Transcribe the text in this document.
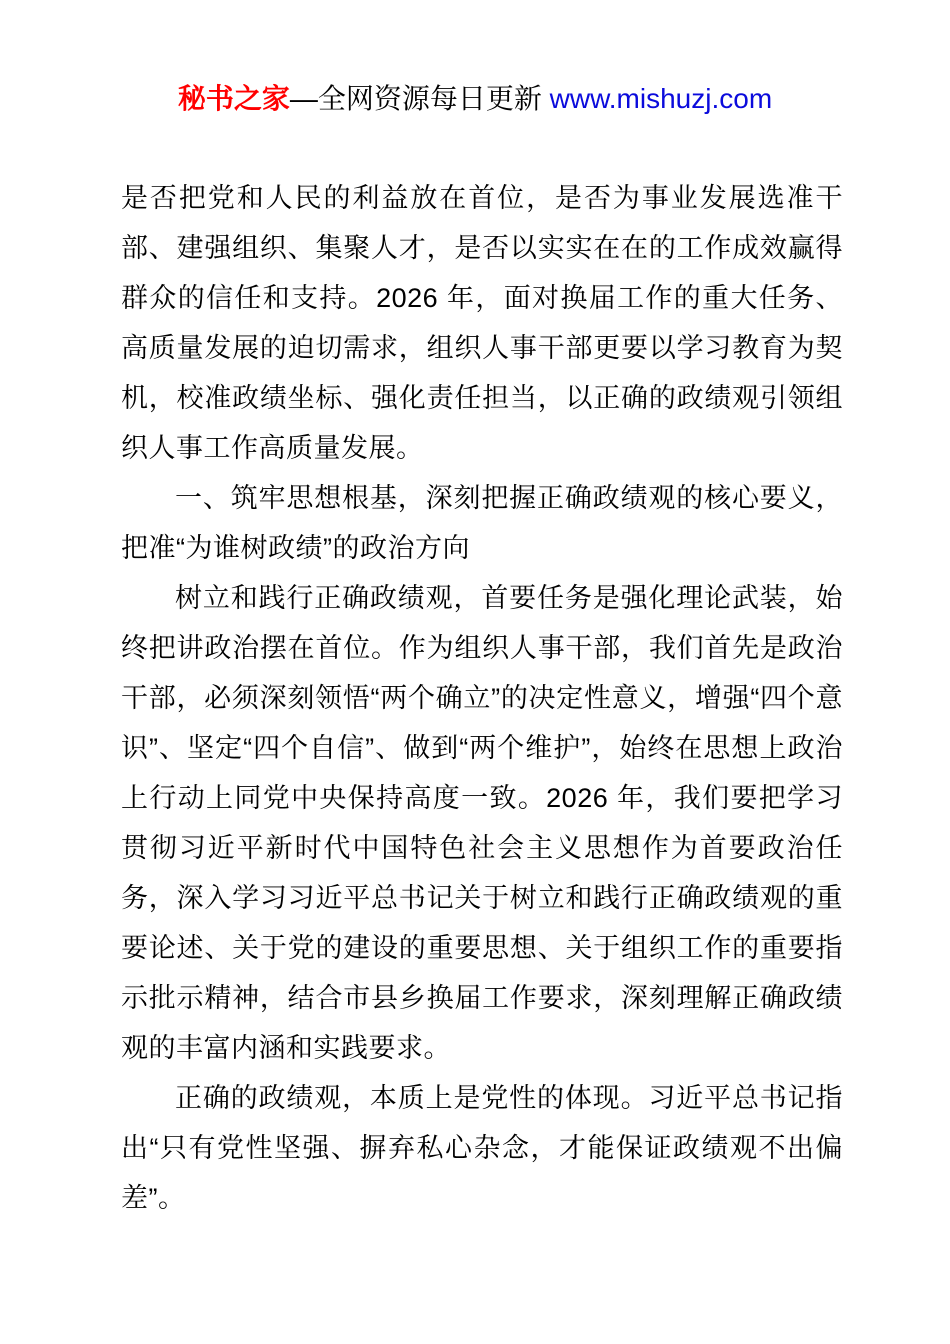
秘书之家—全网资源每日更新 www.mishuzj.com

是否把党和人民的利益放在首位，是否为事业发展选准干部、建强组织、集聚人才，是否以实实在在的工作成效赢得群众的信任和支持。2026 年，面对换届工作的重大任务、高质量发展的迫切需求，组织人事干部更要以学习教育为契机，校准政绩坐标、强化责任担当，以正确的政绩观引领组织人事工作高质量发展。

一、筑牢思想根基，深刻把握正确政绩观的核心要义，把准“为谁树政绩”的政治方向

树立和践行正确政绩观，首要任务是强化理论武装，始终把讲政治摆在首位。作为组织人事干部，我们首先是政治干部，必须深刻领悟“两个确立”的决定性意义，增强“四个意识”、坚定“四个自信”、做到“两个维护”，始终在思想上政治上行动上同党中央保持高度一致。2026 年，我们要把学习贯彻习近平新时代中国特色社会主义思想作为首要政治任务，深入学习习近平总书记关于树立和践行正确政绩观的重要论述、关于党的建设的重要思想、关于组织工作的重要指示批示精神，结合市县乡换届工作要求，深刻理解正确政绩观的丰富内涵和实践要求。

正确的政绩观，本质上是党性的体现。习近平总书记指出“只有党性坚强、摒弃私心杂念，才能保证政绩观不出偏差”。
